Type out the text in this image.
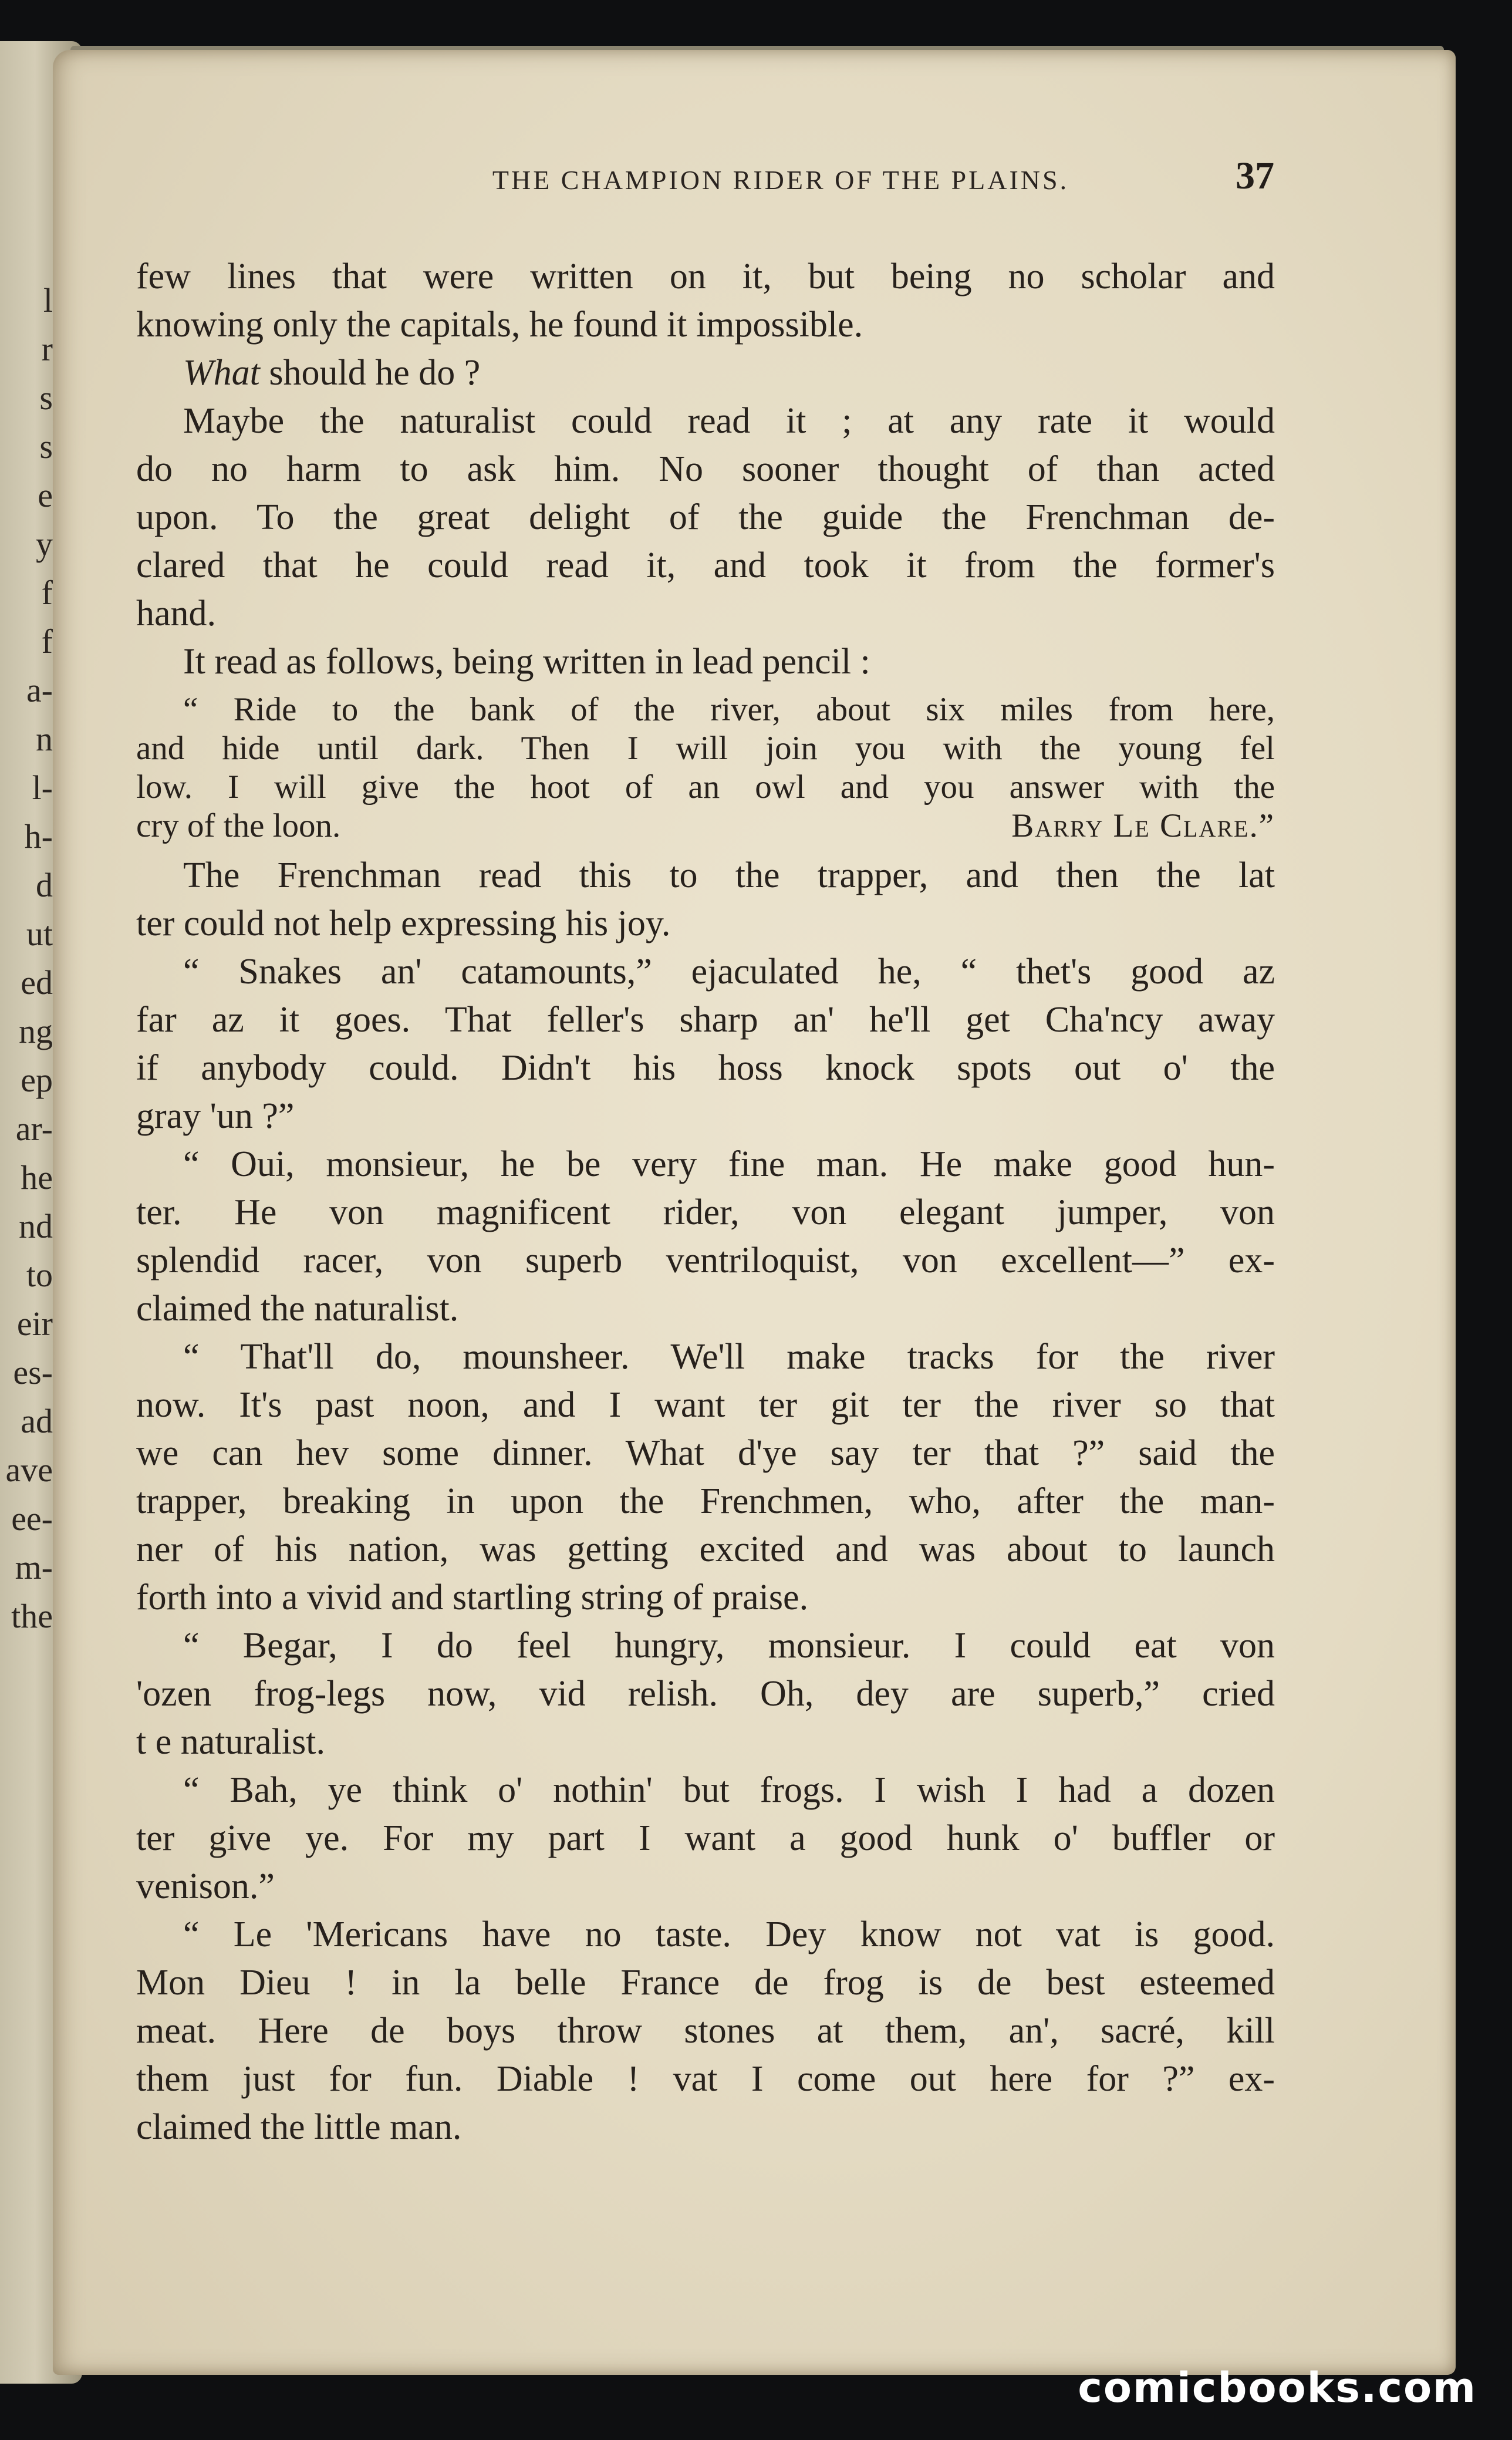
l
r
s
s
e
y
f
f
a-
n
l-
h-
d
ut
ed
ng
ep
ar-
he
nd
to
eir
es-
ad
ave
ee-
m-
the
THE CHAMPION RIDER OF THE PLAINS.	37
few lines that were written on it, but being no scholar and
knowing only the capitals, he found it impossible.
What should he do ?
Maybe the naturalist could read it ; at any rate it would
do no harm to ask him. No sooner thought of than acted
upon. To the great delight of the guide the Frenchman de-
clared that he could read it, and took it from the former's
hand.
It read as follows, being written in lead pencil :
“ Ride to the bank of the river, about six miles from here,
and hide until dark. Then I will join you with the young fel
low. I will give the hoot of an owl and you answer with the
cry of the loon.	Barry Le Clare.”
The Frenchman read this to the trapper, and then the lat
ter could not help expressing his joy.
“ Snakes an' catamounts,” ejaculated he, “ thet's good az
far az it goes. That feller's sharp an' he'll get Cha'ncy away
if anybody could. Didn't his hoss knock spots out o' the
gray 'un ?”
“ Oui, monsieur, he be very fine man. He make good hun-
ter. He von magnificent rider, von elegant jumper, von
splendid racer, von superb ventriloquist, von excellent—” ex-
claimed the naturalist.
“ That'll do, mounsheer. We'll make tracks for the river
now. It's past noon, and I want ter git ter the river so that
we can hev some dinner. What d'ye say ter that ?” said the
trapper, breaking in upon the Frenchmen, who, after the man-
ner of his nation, was getting excited and was about to launch
forth into a vivid and startling string of praise.
“ Begar, I do feel hungry, monsieur. I could eat von
'ozen frog-legs now, vid relish. Oh, dey are superb,” cried
t e naturalist.
“ Bah, ye think o' nothin' but frogs. I wish I had a dozen
ter give ye. For my part I want a good hunk o' buffler or
venison.”
“ Le 'Mericans have no taste. Dey know not vat is good.
Mon Dieu ! in la belle France de frog is de best esteemed
meat. Here de boys throw stones at them, an', sacré, kill
them just for fun. Diable ! vat I come out here for ?” ex-
claimed the little man.
comicbooks.com
